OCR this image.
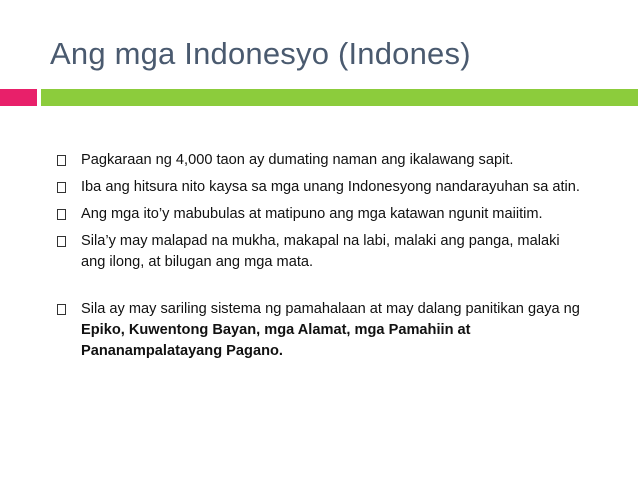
Ang mga Indonesyo (Indones)
Pagkaraan ng 4,000 taon ay dumating naman ang ikalawang sapit.
Iba ang hitsura nito kaysa sa mga unang Indonesyong nandarayuhan sa atin.
Ang mga ito’y mabubulas at matipuno ang mga katawan ngunit maiitim.
Sila’y may malapad na mukha, makapal na labi, malaki ang panga, malaki ang ilong, at bilugan ang mga mata.
Sila ay may sariling sistema ng pamahalaan at may dalang panitikan gaya ng Epiko, Kuwentong Bayan, mga Alamat, mga Pamahiin at Pananampalatayang Pagano.
